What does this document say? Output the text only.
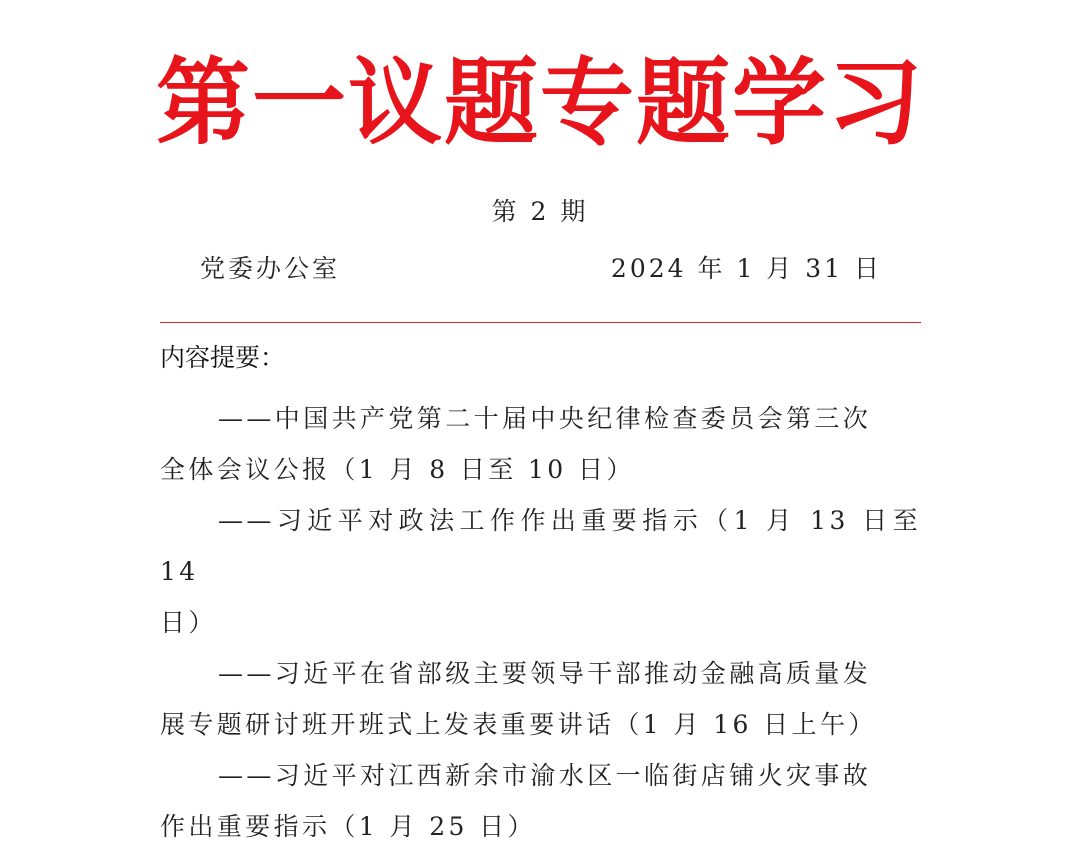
第一议题专题学习
第 2 期
党委办公室	2024 年 1 月 31 日
内容提要：
——中国共产党第二十届中央纪律检查委员会第三次
全体会议公报（1 月 8 日至 10 日）
——习近平对政法工作作出重要指示（1 月 13 日至 14
日）
——习近平在省部级主要领导干部推动金融高质量发
展专题研讨班开班式上发表重要讲话（1 月 16 日上午）
——习近平对江西新余市渝水区一临街店铺火灾事故
作出重要指示（1 月 25 日）
